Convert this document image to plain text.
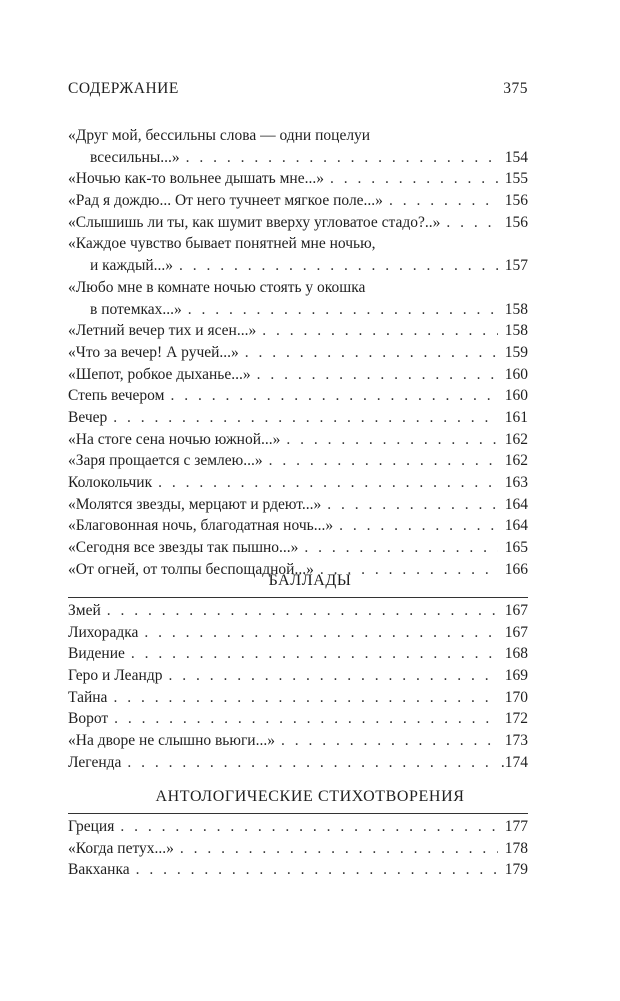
СОДЕРЖАНИЕ	375
«Друг мой, бессильны слова — одни поцелуи
всесильны...» . . .	154
«Ночью как-то вольнее дышать мне...» . . .	155
«Рад я дождю... От него тучнеет мягкое поле...» . . .	156
«Слышишь ли ты, как шумит вверху угловатое стадо?..» . . .	156
«Каждое чувство бывает понятней мне ночью,
и каждый...» . . .	157
«Любо мне в комнате ночью стоять у окошка
в потемках...» . . .	158
«Летний вечер тих и ясен...» . . .	158
«Что за вечер! А ручей...» . . .	159
«Шепот, робкое дыханье...» . . .	160
Степь вечером . . .	160
Вечер . . .	161
«На стоге сена ночью южной...» . . .	162
«Заря прощается с землею...» . . .	162
Колокольчик . . .	163
«Молятся звезды, мерцают и рдеют...» . . .	164
«Благовонная ночь, благодатная ночь...» . . .	164
«Сегодня все звезды так пышно...» . . .	165
«От огней, от толпы беспощадной...» . . .	166
БАЛЛАДЫ
Змей . . .	167
Лихорадка . . .	167
Видение . . .	168
Геро и Леандр . . .	169
Тайна . . .	170
Ворот . . .	172
«На дворе не слышно вьюги...» . . .	173
Легенда . . .	.174
АНТОЛОГИЧЕСКИЕ СТИХОТВОРЕНИЯ
Греция . . .	177
«Когда петух...» . . .	178
Вакханка . . .	179
